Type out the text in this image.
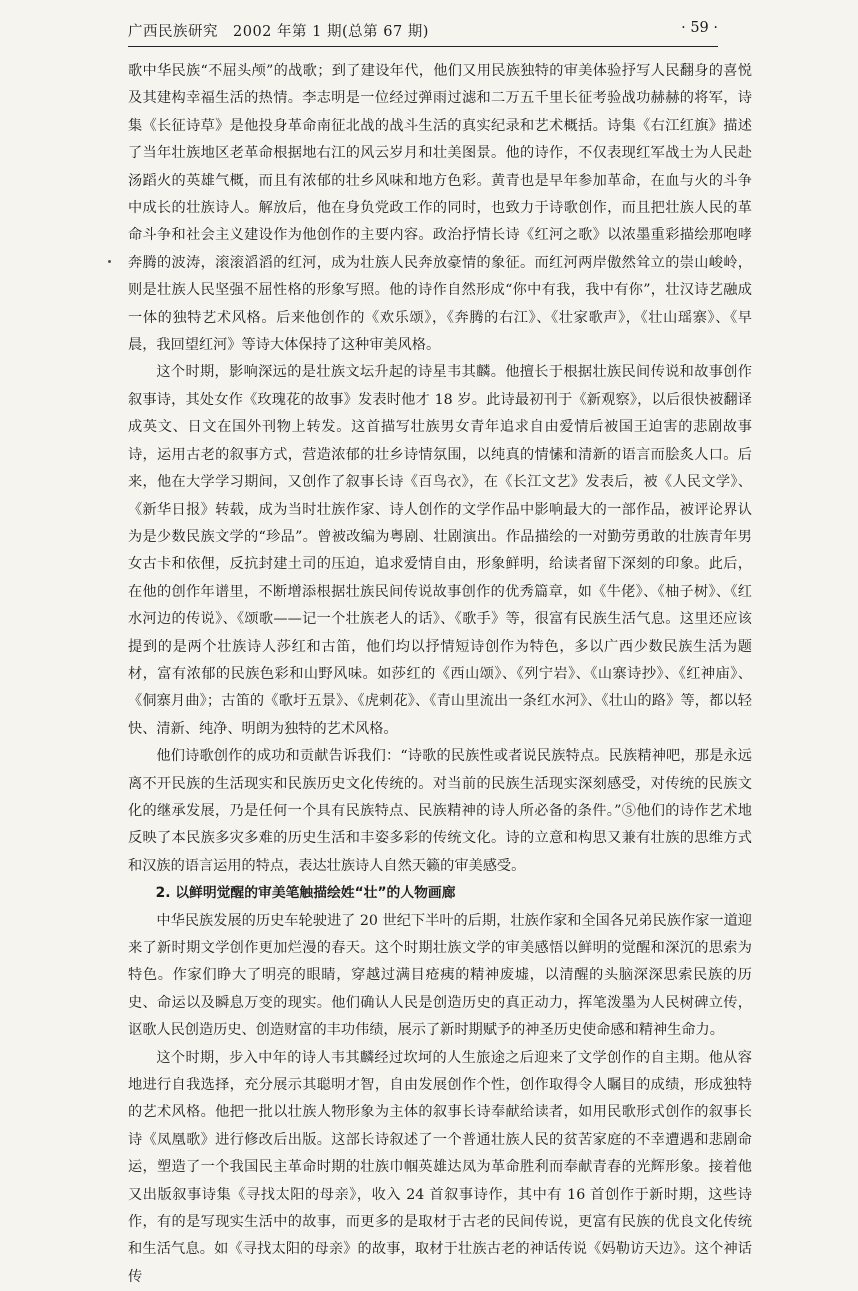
广西民族研究　2002 年第 1 期(总第 67 期)	· 59 ·

歌中华民族“不屈头颅”的战歌；到了建设年代，他们又用民族独特的审美体验抒写人民翻身的喜悦及其建构幸福生活的热情。李志明是一位经过弹雨过滤和二万五千里长征考验战功赫赫的将军，诗集《长征诗草》是他投身革命南征北战的战斗生活的真实纪录和艺术概括。诗集《右江红旗》描述了当年壮族地区老革命根据地右江的风云岁月和壮美图景。他的诗作，不仅表现红军战士为人民赴汤蹈火的英雄气概，而且有浓郁的壮乡风味和地方色彩。黄青也是早年参加革命，在血与火的斗争中成长的壮族诗人。解放后，他在身负党政工作的同时，也致力于诗歌创作，而且把壮族人民的革命斗争和社会主义建设作为他创作的主要内容。政治抒情长诗《红河之歌》以浓墨重彩描绘那咆哮奔腾的波涛，滚滚滔滔的红河，成为壮族人民奔放豪情的象征。而红河两岸傲然耸立的崇山峻岭，则是壮族人民坚强不屈性格的形象写照。他的诗作自然形成“你中有我，我中有你”，壮汉诗艺融成一体的独特艺术风格。后来他创作的《欢乐颂》，《奔腾的右江》、《壮家歌声》，《壮山瑶寨》、《早晨，我回望红河》等诗大体保持了这种审美风格。

这个时期，影响深远的是壮族文坛升起的诗星韦其麟。他擅长于根据壮族民间传说和故事创作叙事诗，其处女作《玫瑰花的故事》发表时他才 18 岁。此诗最初刊于《新观察》，以后很快被翻译成英文、日文在国外刊物上转发。这首描写壮族男女青年追求自由爱情后被国王迫害的悲剧故事诗，运用古老的叙事方式，营造浓郁的壮乡诗情氛围，以纯真的情愫和清新的语言而脍炙人口。后来，他在大学学习期间，又创作了叙事长诗《百鸟衣》，在《长江文艺》发表后，被《人民文学》、《新华日报》转载，成为当时壮族作家、诗人创作的文学作品中影响最大的一部作品，被评论界认为是少数民族文学的“珍品”。曾被改编为粤剧、壮剧演出。作品描绘的一对勤劳勇敢的壮族青年男女古卡和依俚，反抗封建土司的压迫，追求爱情自由，形象鲜明，给读者留下深刻的印象。此后，在他的创作年谱里，不断增添根据壮族民间传说故事创作的优秀篇章，如《牛佬》、《柚子树》、《红水河边的传说》、《颂歌——记一个壮族老人的话》、《歌手》等，很富有民族生活气息。这里还应该提到的是两个壮族诗人莎红和古笛，他们均以抒情短诗创作为特色，多以广西少数民族生活为题材，富有浓郁的民族色彩和山野风味。如莎红的《西山颂》、《列宁岩》、《山寨诗抄》、《红神庙》、《侗寨月曲》；古笛的《歌圩五景》、《虎刺花》、《青山里流出一条红水河》、《壮山的路》等，都以轻快、清新、纯净、明朗为独特的艺术风格。

他们诗歌创作的成功和贡献告诉我们：“诗歌的民族性或者说民族特点。民族精神吧，那是永远离不开民族的生活现实和民族历史文化传统的。对当前的民族生活现实深刻感受，对传统的民族文化的继承发展，乃是任何一个具有民族特点、民族精神的诗人所必备的条件。”⑤他们的诗作艺术地反映了本民族多灾多难的历史生活和丰姿多彩的传统文化。诗的立意和构思又兼有壮族的思维方式和汉族的语言运用的特点，表达壮族诗人自然天籁的审美感受。

2. 以鲜明觉醒的审美笔触描绘姓“壮”的人物画廊

中华民族发展的历史车轮驶进了 20 世纪下半叶的后期，壮族作家和全国各兄弟民族作家一道迎来了新时期文学创作更加烂漫的春天。这个时期壮族文学的审美感悟以鲜明的觉醒和深沉的思索为特色。作家们睁大了明亮的眼睛，穿越过满目疮痍的精神废墟，以清醒的头脑深深思索民族的历史、命运以及瞬息万变的现实。他们确认人民是创造历史的真正动力，挥笔泼墨为人民树碑立传，讴歌人民创造历史、创造财富的丰功伟绩，展示了新时期赋予的神圣历史使命感和精神生命力。

这个时期，步入中年的诗人韦其麟经过坎坷的人生旅途之后迎来了文学创作的自主期。他从容地进行自我选择，充分展示其聪明才智，自由发展创作个性，创作取得令人瞩目的成绩，形成独特的艺术风格。他把一批以壮族人物形象为主体的叙事长诗奉献给读者，如用民歌形式创作的叙事长诗《凤凰歌》进行修改后出版。这部长诗叙述了一个普通壮族人民的贫苦家庭的不幸遭遇和悲剧命运，塑造了一个我国民主革命时期的壮族巾帼英雄达凤为革命胜利而奉献青春的光辉形象。接着他又出版叙事诗集《寻找太阳的母亲》，收入 24 首叙事诗作，其中有 16 首创作于新时期，这些诗作，有的是写现实生活中的故事，而更多的是取材于古老的民间传说，更富有民族的优良文化传统和生活气息。如《寻找太阳的母亲》的故事，取材于壮族古老的神话传说《妈勒访天边》。这个神话传
